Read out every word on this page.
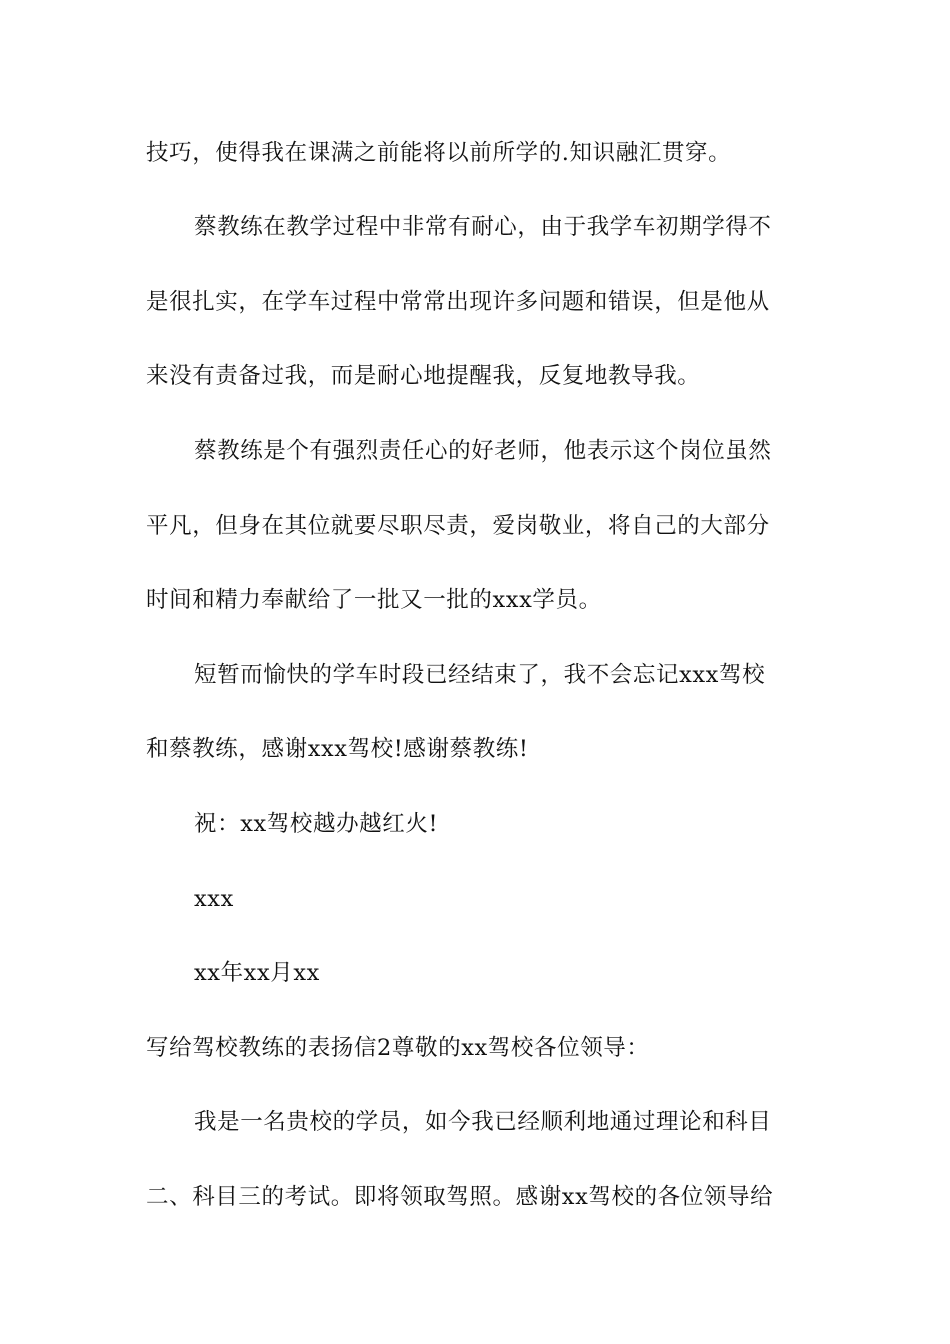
技巧，使得我在课满之前能将以前所学的.知识融汇贯穿。
蔡教练在教学过程中非常有耐心，由于我学车初期学得不
是很扎实，在学车过程中常常出现许多问题和错误，但是他从
来没有责备过我，而是耐心地提醒我，反复地教导我。
蔡教练是个有强烈责任心的好老师，他表示这个岗位虽然
平凡，但身在其位就要尽职尽责，爱岗敬业，将自己的大部分
时间和精力奉献给了一批又一批的xxx学员。
短暂而愉快的学车时段已经结束了，我不会忘记xxx驾校
和蔡教练，感谢xxx驾校!感谢蔡教练!
祝：xx驾校越办越红火!
xxx
xx年xx月xx
写给驾校教练的表扬信2尊敬的xx驾校各位领导：
我是一名贵校的学员，如今我已经顺利地通过理论和科目
二、科目三的考试。即将领取驾照。感谢xx驾校的各位领导给
